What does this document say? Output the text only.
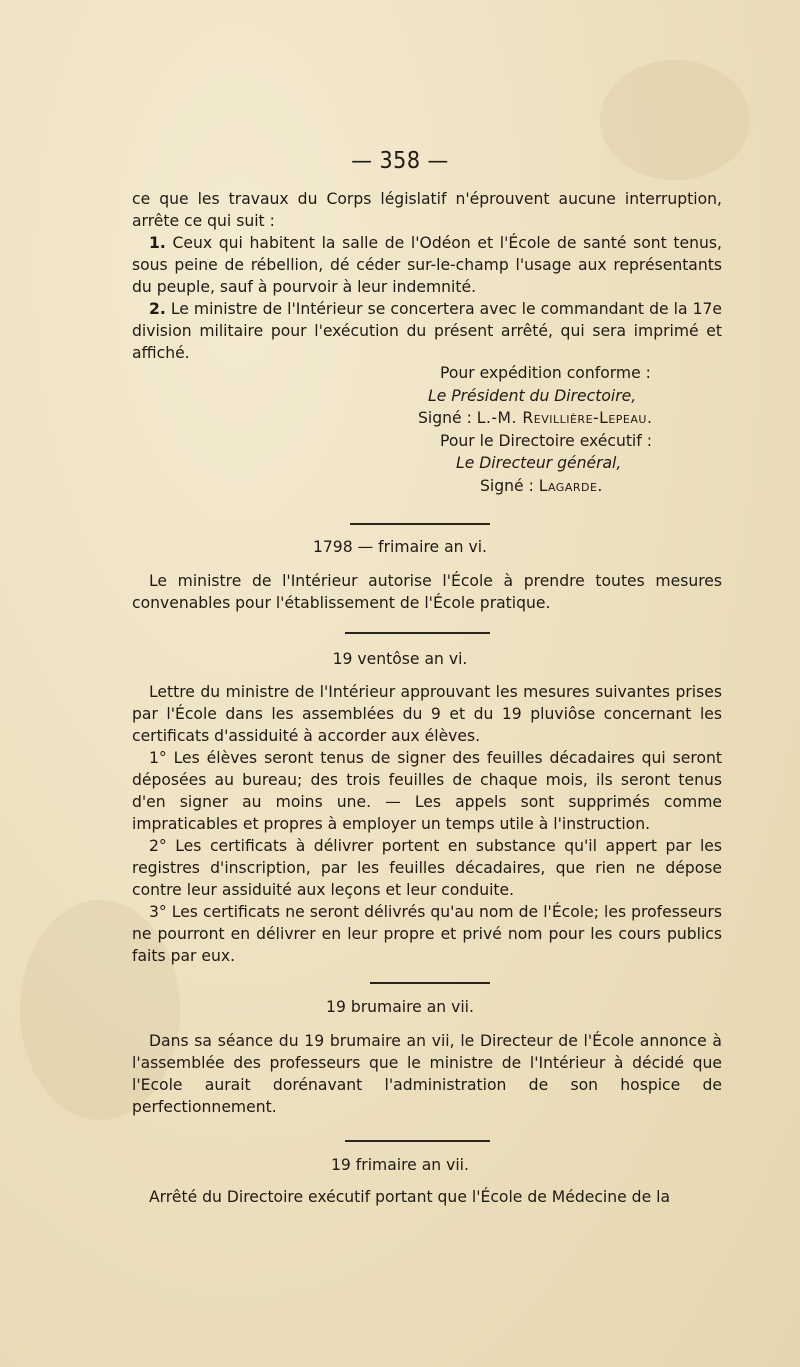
— 358 —

ce que les travaux du Corps législatif n'éprouvent aucune interruption, arrête ce qui suit :

1. Ceux qui habitent la salle de l'Odéon et l'École de santé sont tenus, sous peine de rébellion, dé céder sur-le-champ l'usage aux représentants du peuple, sauf à pourvoir à leur indemnité.

2. Le ministre de l'Intérieur se concertera avec le commandant de la 17e division militaire pour l'exécution du présent arrêté, qui sera imprimé et affiché.

Pour expédition conforme :
Le Président du Directoire,
Signé : L.-M. Revillière-Lepeau.
Pour le Directoire exécutif :
Le Directeur général,
Signé : Lagarde.
1798 — frimaire an vi.

Le ministre de l'Intérieur autorise l'École à prendre toutes mesures convenables pour l'établissement de l'École pratique.

19 ventôse an vi.

Lettre du ministre de l'Intérieur approuvant les mesures suivantes prises par l'École dans les assemblées du 9 et du 19 pluviôse concernant les certificats d'assiduité à accorder aux élèves.

1° Les élèves seront tenus de signer des feuilles décadaires qui seront déposées au bureau; des trois feuilles de chaque mois, ils seront tenus d'en signer au moins une. — Les appels sont supprimés comme impraticables et propres à employer un temps utile à l'instruction.

2° Les certificats à délivrer portent en substance qu'il appert par les registres d'inscription, par les feuilles décadaires, que rien ne dépose contre leur assiduité aux leçons et leur conduite.

3° Les certificats ne seront délivrés qu'au nom de l'École; les professeurs ne pourront en délivrer en leur propre et privé nom pour les cours publics faits par eux.

19 brumaire an vii.

Dans sa séance du 19 brumaire an vii, le Directeur de l'École annonce à l'assemblée des professeurs que le ministre de l'Intérieur à décidé que l'Ecole aurait dorénavant l'administration de son hospice de perfectionnement.

19 frimaire an vii.

Arrêté du Directoire exécutif portant que l'École de Médecine de la
